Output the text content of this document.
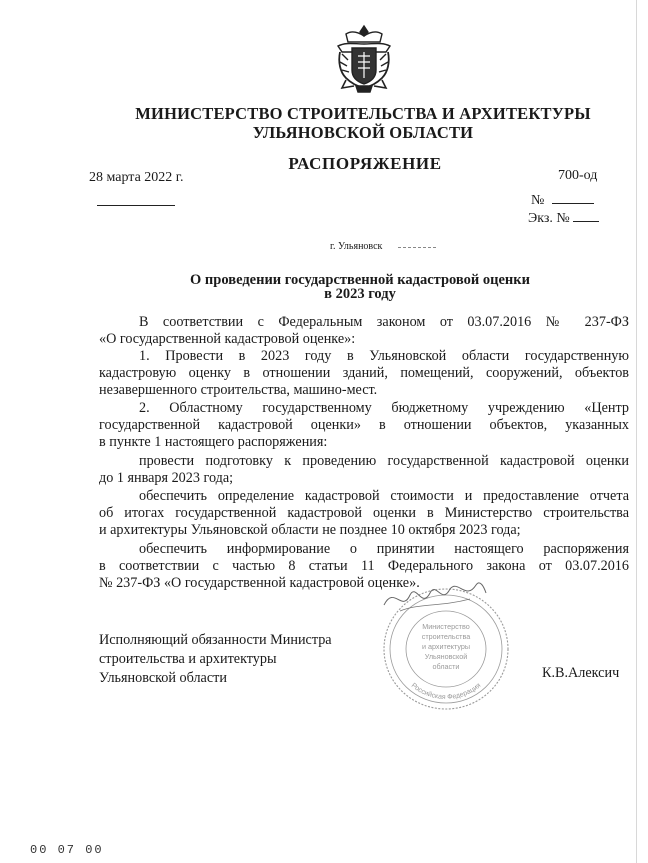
МИНИСТЕРСТВО СТРОИТЕЛЬСТВА И АРХИТЕКТУРЫ
УЛЬЯНОВСКОЙ ОБЛАСТИ
РАСПОРЯЖЕНИЕ
28 марта 2022 г.	700-од
№
Экз. №
г. Ульяновск
О проведении государственной кадастровой оценки
в 2023 году
В соответствии с Федеральным законом от 03.07.2016 № 237-ФЗ
«О государственной кадастровой оценке»:
1. Провести в 2023 году в Ульяновской области государственную
кадастровую оценку в отношении зданий, помещений, сооружений, объектов
незавершенного строительства, машино-мест.
2. Областному государственному бюджетному учреждению «Центр
государственной кадастровой оценки» в отношении объектов, указанных
в пункте 1 настоящего распоряжения:
провести подготовку к проведению государственной кадастровой оценки
до 1 января 2023 года;
обеспечить определение кадастровой стоимости и предоставление отчета
об итогах государственной кадастровой оценки в Министерство строительства
и архитектуры Ульяновской области не позднее 10 октября 2023 года;
обеспечить информирование о принятии настоящего распоряжения
в соответствии с частью 8 статьи 11 Федерального закона от 03.07.2016
№ 237-ФЗ «О государственной кадастровой оценке».
Министерство
строительства
и архитектуры
Ульяновской
области
Российская Федерация
Исполняющий обязанности Министра
строительства и архитектуры
Ульяновской области	К.В.Алексич
00 07 00
